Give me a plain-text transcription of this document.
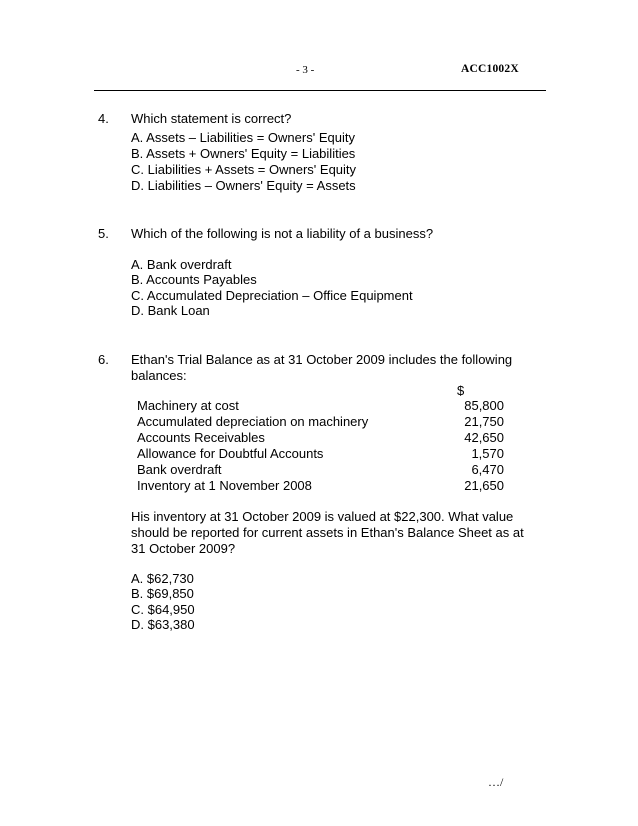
- 3 -	ACC1002X
4. Which statement is correct?
A. Assets – Liabilities = Owners' Equity
B. Assets + Owners' Equity = Liabilities
C. Liabilities + Assets = Owners' Equity
D. Liabilities – Owners' Equity = Assets
5. Which of the following is not a liability of a business?
A. Bank overdraft
B. Accounts Payables
C. Accumulated Depreciation – Office Equipment
D. Bank Loan
6. Ethan's Trial Balance as at 31 October 2009 includes the following
balances:
$
Machinery at cost	85,800
Accumulated depreciation on machinery	21,750
Accounts Receivables	42,650
Allowance for Doubtful Accounts	1,570
Bank overdraft	6,470
Inventory at 1 November 2008	21,650
His inventory at 31 October 2009 is valued at $22,300. What value
should be reported for current assets in Ethan's Balance Sheet as at
31 October 2009?
A. $62,730
B. $69,850
C. $64,950
D. $63,380
…/
